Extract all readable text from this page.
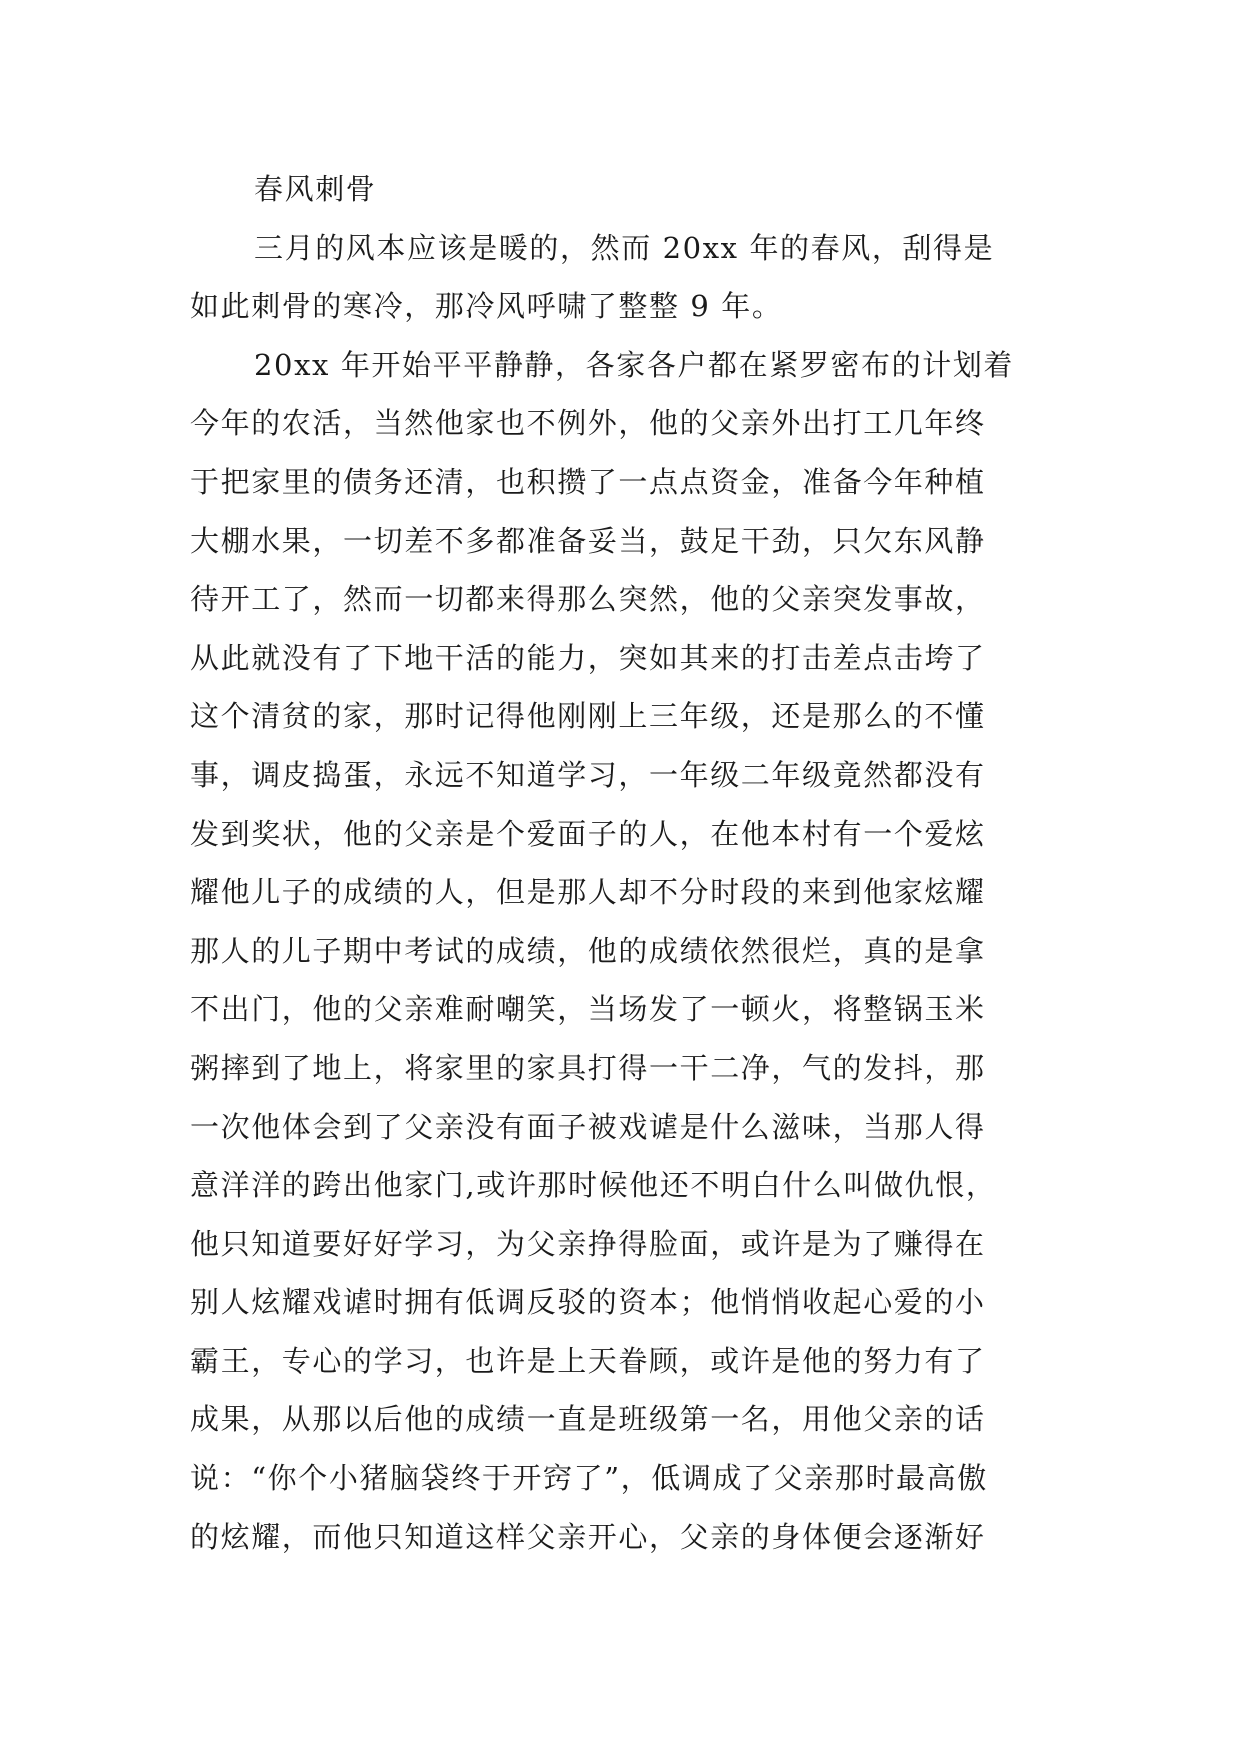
春风刺骨
三月的风本应该是暖的，然而 20xx 年的春风，刮得是
如此刺骨的寒冷，那冷风呼啸了整整 9 年。
20xx 年开始平平静静，各家各户都在紧罗密布的计划着
今年的农活，当然他家也不例外，他的父亲外出打工几年终
于把家里的债务还清，也积攒了一点点资金，准备今年种植
大棚水果，一切差不多都准备妥当，鼓足干劲，只欠东风静
待开工了，然而一切都来得那么突然，他的父亲突发事故，
从此就没有了下地干活的能力，突如其来的打击差点击垮了
这个清贫的家，那时记得他刚刚上三年级，还是那么的不懂
事，调皮捣蛋，永远不知道学习，一年级二年级竟然都没有
发到奖状，他的父亲是个爱面子的人，在他本村有一个爱炫
耀他儿子的成绩的人，但是那人却不分时段的来到他家炫耀
那人的儿子期中考试的成绩，他的成绩依然很烂，真的是拿
不出门，他的父亲难耐嘲笑，当场发了一顿火，将整锅玉米
粥摔到了地上，将家里的家具打得一干二净，气的发抖，那
一次他体会到了父亲没有面子被戏谑是什么滋味，当那人得
意洋洋的跨出他家门,或许那时候他还不明白什么叫做仇恨，
他只知道要好好学习，为父亲挣得脸面，或许是为了赚得在
别人炫耀戏谑时拥有低调反驳的资本；他悄悄收起心爱的小
霸王，专心的学习，也许是上天眷顾，或许是他的努力有了
成果，从那以后他的成绩一直是班级第一名，用他父亲的话
说：“你个小猪脑袋终于开窍了”，低调成了父亲那时最高傲
的炫耀，而他只知道这样父亲开心，父亲的身体便会逐渐好
